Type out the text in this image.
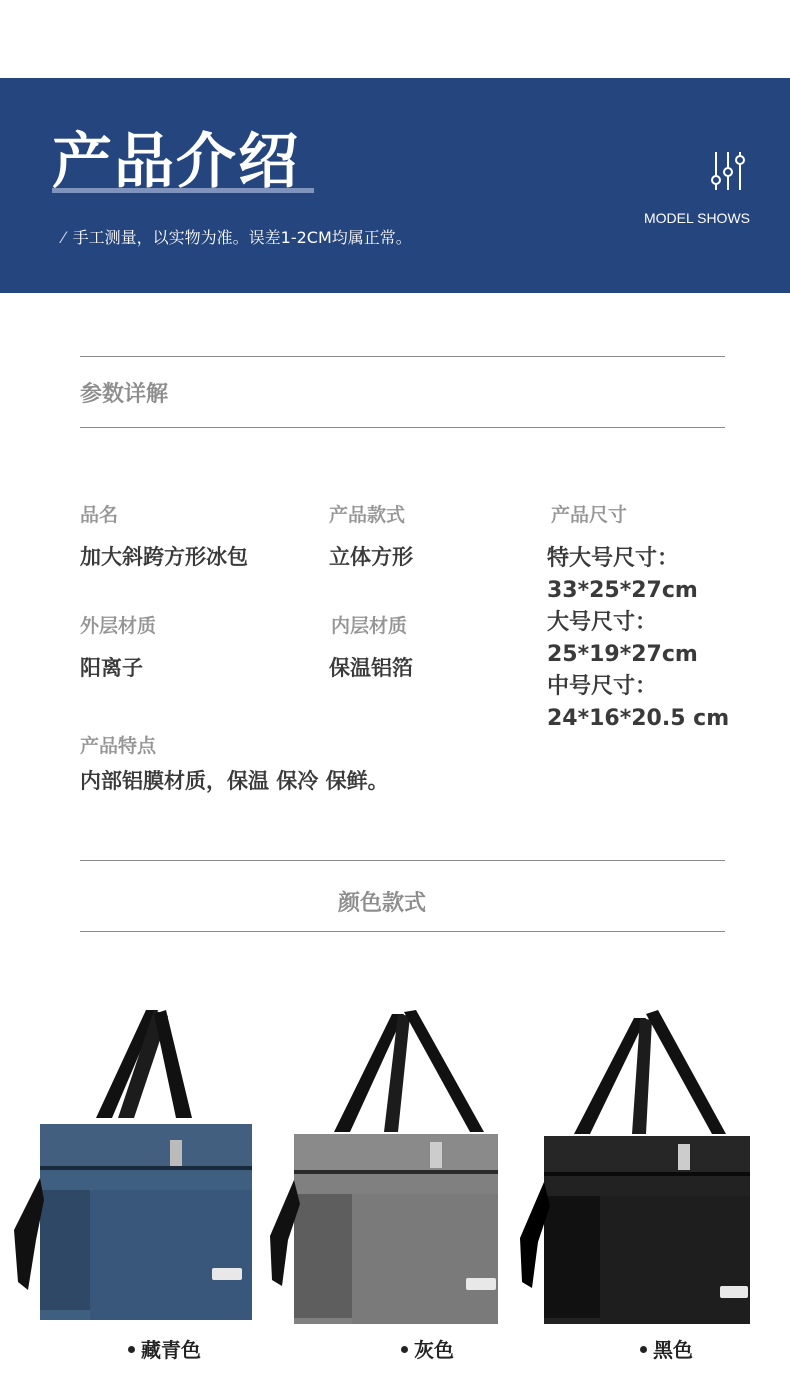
产品介绍
⁄ 手工测量，以实物为准。误差1-2CM均属正常。
MODEL SHOWS
参数详解
品名
加大斜跨方形冰包
产品款式
立体方形
产品尺寸
特大号尺寸：
33*25*27cm
大号尺寸：
25*19*27cm
中号尺寸：
24*16*20.5 cm
外层材质
阳离子
内层材质
保温铝箔
产品特点
内部铝膜材质，保温 保冷 保鲜。
颜色款式
藏青色	灰色	黑色
